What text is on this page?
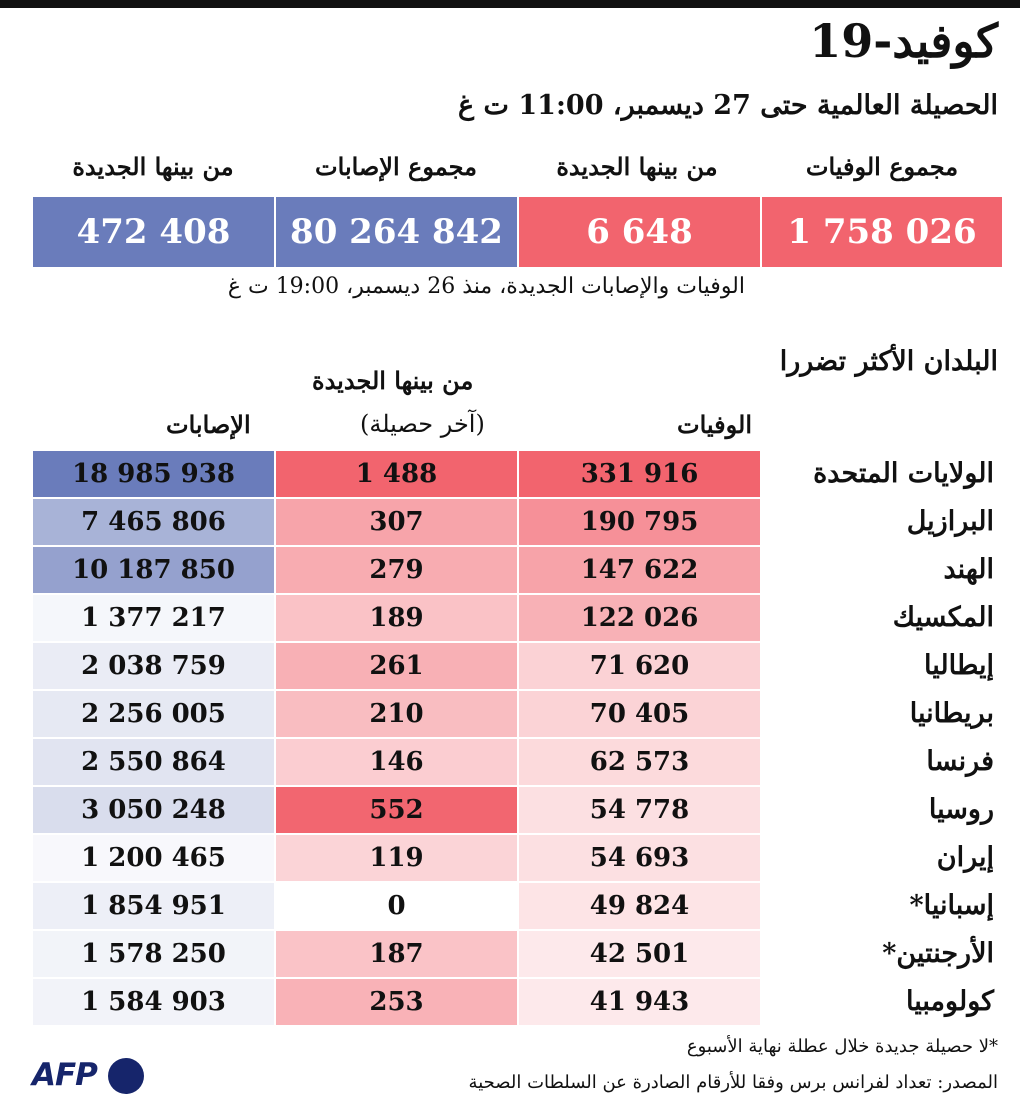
كوفيد-19
الحصيلة العالمية حتى 27 ديسمبر، 11:00 ت غ
مجموع الوفيات
من بينها الجديدة
مجموع الإصابات
من بينها الجديدة
1 758 026
6 648
80 264 842
472 408
الوفيات والإصابات الجديدة، منذ 26 ديسمبر، 19:00 ت غ
البلدان الأكثر تضررا
الوفيات
من بينها الجديدة
(آخر حصيلة)
الإصابات
الولايات المتحدة
331 916
1 488
18 985 938
البرازيل
190 795
307
7 465 806
الهند
147 622
279
10 187 850
المكسيك
122 026
189
1 377 217
إيطاليا
71 620
261
2 038 759
بريطانيا
70 405
210
2 256 005
فرنسا
62 573
146
2 550 864
روسيا
54 778
552
3 050 248
إيران
54 693
119
1 200 465
إسبانيا*
49 824
0
1 854 951
الأرجنتين*
42 501
187
1 578 250
كولومبيا
41 943
253
1 584 903
*لا حصيلة جديدة خلال عطلة نهاية الأسبوع
المصدر: تعداد لفرانس برس وفقا للأرقام الصادرة عن السلطات الصحية
AFP
